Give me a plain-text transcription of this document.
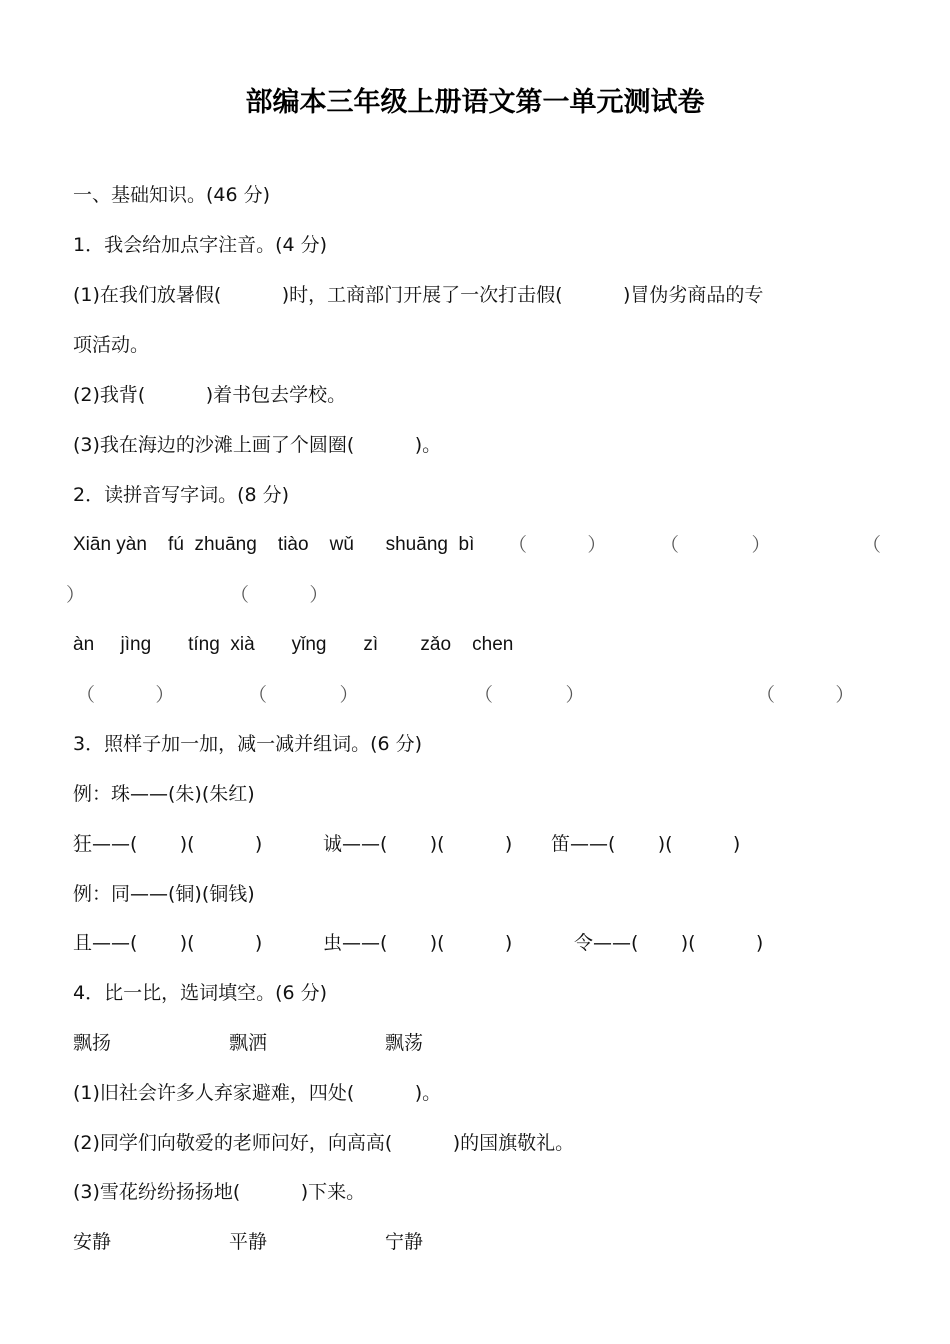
部编本三年级上册语文第一单元测试卷
一、基础知识。(46 分)
1．我会给加点字注音。(4 分)
(1)在我们放暑假(          )时，工商部门开展了一次打击假(          )冒伪劣商品的专
项活动。
(2)我背(          )着书包去学校。
(3)我在海边的沙滩上画了个圆圈(          )。
2．读拼音写字词。(8 分)
Xiān yàn    fú  zhuāng    tiào    wǔ      shuāng  bì （          ）	（            ）	（
）	（          ）
àn     jìng       tíng  xià       yǐng       zì        zǎo    chen
（          ）	（            ）	（            ）	（          ）
3．照样子加一加，减一减并组词。(6 分)
例：珠——(朱)(朱红)
狂——(       )(          )	诚——(       )(          ) 笛——(       )(          )
例：同——(铜)(铜钱)
且——(       )(          )	虫——(       )(          )	令——(       )(          )
4．比一比，选词填空。(6 分)
飘扬	飘洒	飘荡
(1)旧社会许多人弃家避难，四处(          )。
(2)同学们向敬爱的老师问好，向高高(          )的国旗敬礼。
(3)雪花纷纷扬扬地(          )下来。
安静	平静	宁静
